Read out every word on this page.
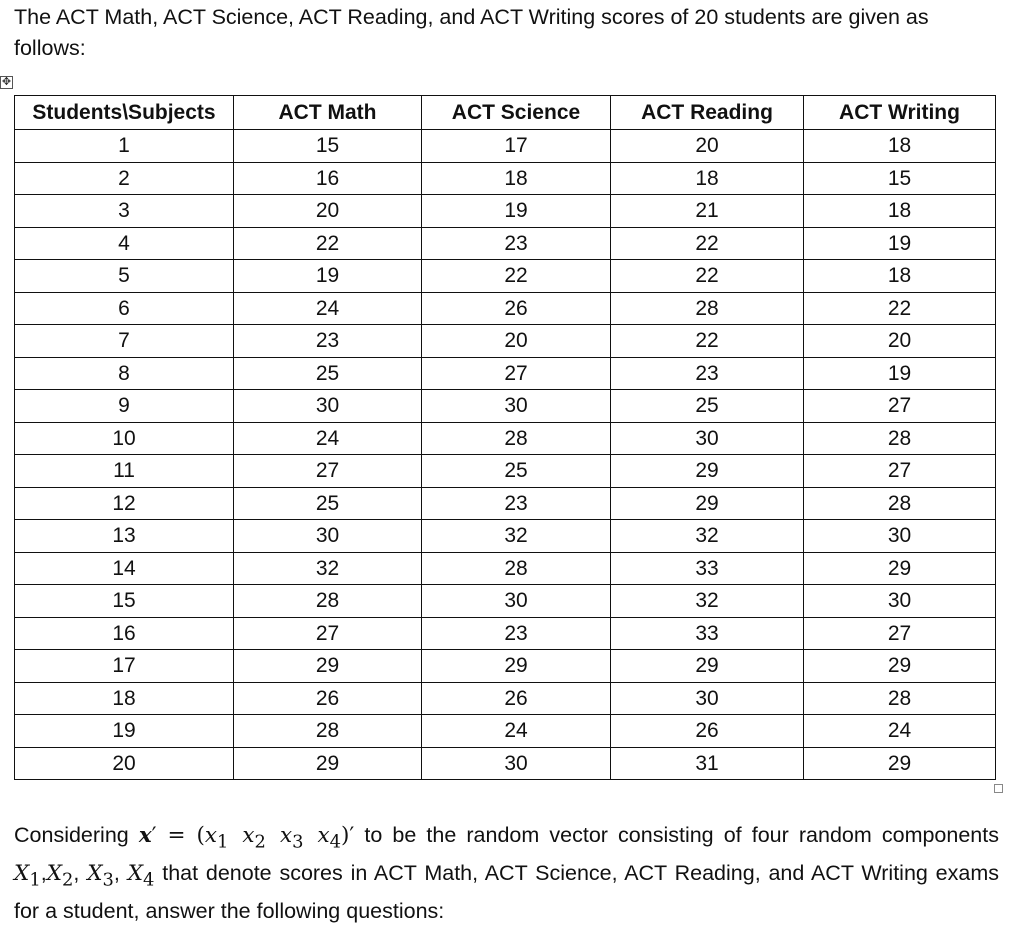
The ACT Math, ACT Science, ACT Reading, and ACT Writing scores of 20 students are given as follows:

✥
Students\Subjects	ACT Math	ACT Science	ACT Reading	ACT Writing
1	15	17	20	18
2	16	18	18	15
3	20	19	21	18
4	22	23	22	19
5	19	22	22	18
6	24	26	28	22
7	23	20	22	20
8	25	27	23	19
9	30	30	25	27
10	24	28	30	28
11	27	25	29	27
12	25	23	29	28
13	30	32	32	30
14	32	28	33	29
15	28	30	32	30
16	27	23	33	27
17	29	29	29	29
18	26	26	30	28
19	28	24	26	24
20	29	30	31	29

Considering $x' = (x_1$ $x_2$ $x_3$ $x_4)'$ to be the random vector consisting of four random components $X_1,X_2$, $X_3$, $X_4$ that denote scores in ACT Math, ACT Science, ACT Reading, and ACT Writing exams for a student, answer the following questions:
